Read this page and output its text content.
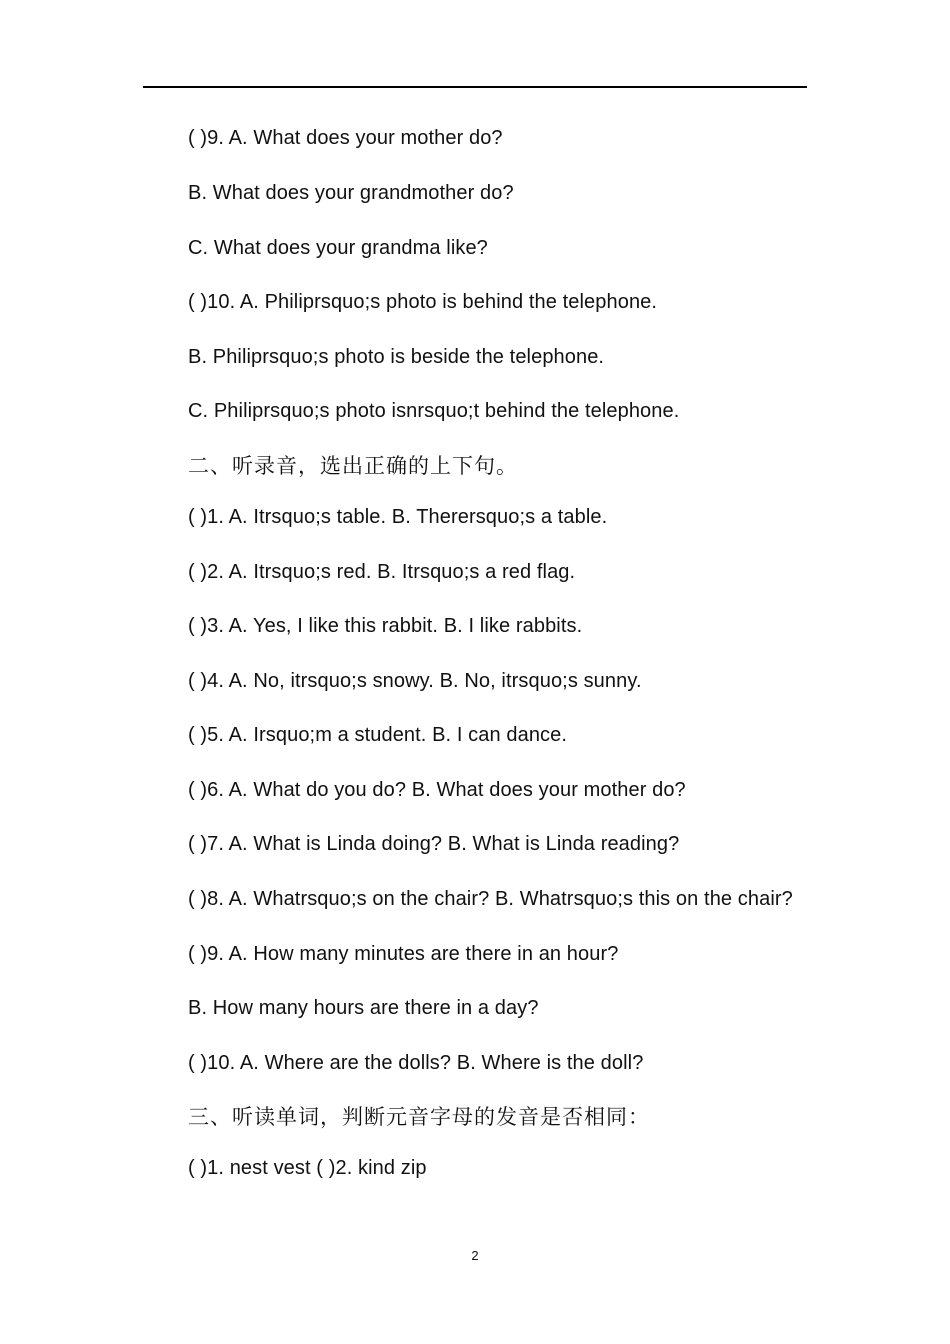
( )9. A. What does your mother do?
B. What does your grandmother do?
C. What does your grandma like?
( )10. A. Philiprsquo;s photo is behind the telephone.
B. Philiprsquo;s photo is beside the telephone.
C. Philiprsquo;s photo isnrsquo;t behind the telephone.
二、听录音，选出正确的上下句。
( )1. A. Itrsquo;s table. B. Therersquo;s a table.
( )2. A. Itrsquo;s red. B. Itrsquo;s a red flag.
( )3. A. Yes, I like this rabbit. B. I like rabbits.
( )4. A. No, itrsquo;s snowy. B. No, itrsquo;s sunny.
( )5. A. Irsquo;m a student. B. I can dance.
( )6. A. What do you do? B. What does your mother do?
( )7. A. What is Linda doing? B. What is Linda reading?
( )8. A. Whatrsquo;s on the chair? B. Whatrsquo;s this on the chair?
( )9. A. How many minutes are there in an hour?
B. How many hours are there in a day?
( )10. A. Where are the dolls? B. Where is the doll?
三、听读单词，判断元音字母的发音是否相同：
( )1. nest vest ( )2. kind zip
2
